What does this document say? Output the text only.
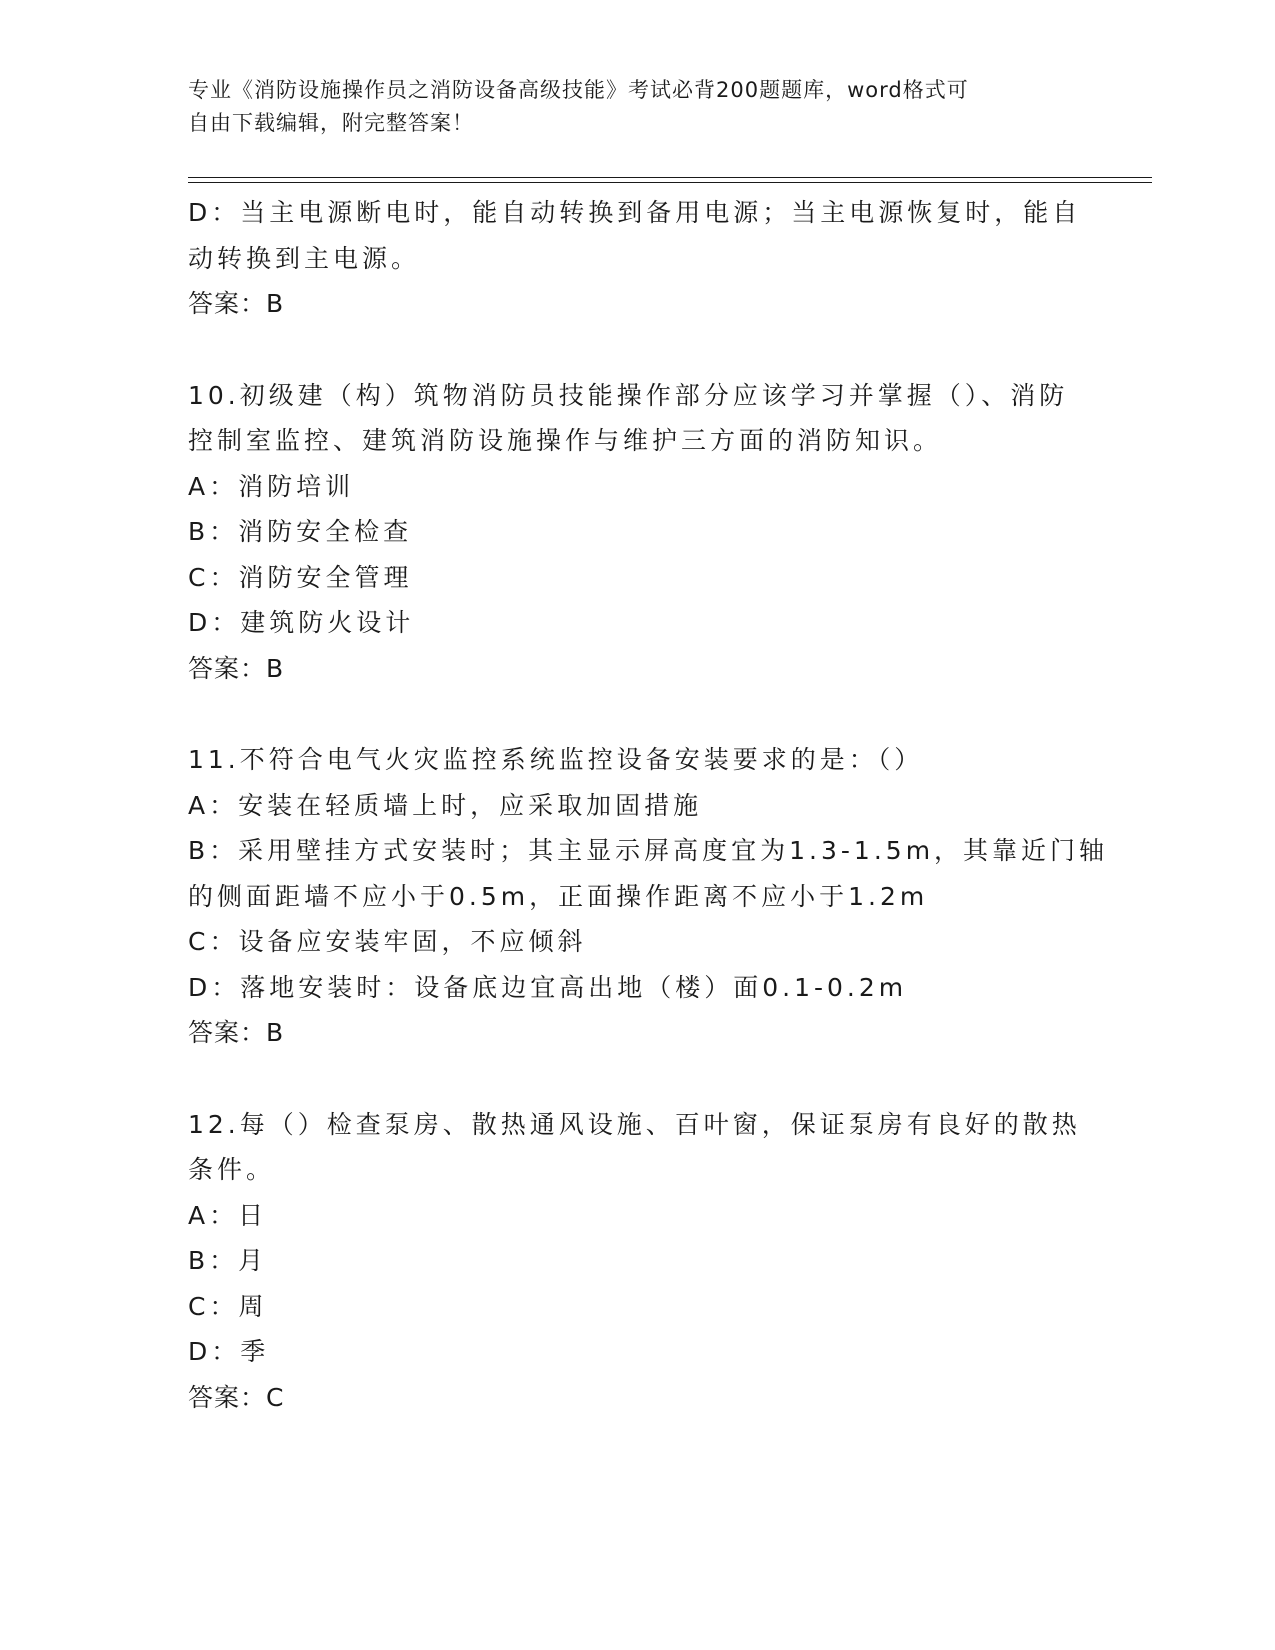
专业《消防设施操作员之消防设备高级技能》考试必背200题题库，word格式可
自由下载编辑，附完整答案！
D：当主电源断电时，能自动转换到备用电源；当主电源恢复时，能自
动转换到主电源。
答案：B
10.初级建（构）筑物消防员技能操作部分应该学习并掌握（）、消防
控制室监控、建筑消防设施操作与维护三方面的消防知识。
A：消防培训
B：消防安全检查
C：消防安全管理
D：建筑防火设计
答案：B
11.不符合电气火灾监控系统监控设备安装要求的是：（）
A：安装在轻质墙上时，应采取加固措施
B：采用壁挂方式安装时；其主显示屏高度宜为1.3-1.5m，其靠近门轴
的侧面距墙不应小于0.5m，正面操作距离不应小于1.2m
C：设备应安装牢固，不应倾斜
D：落地安装时：设备底边宜高出地（楼）面0.1-0.2m
答案：B
12.每（）检查泵房、散热通风设施、百叶窗，保证泵房有良好的散热
条件。
A：日
B：月
C：周
D：季
答案：C
